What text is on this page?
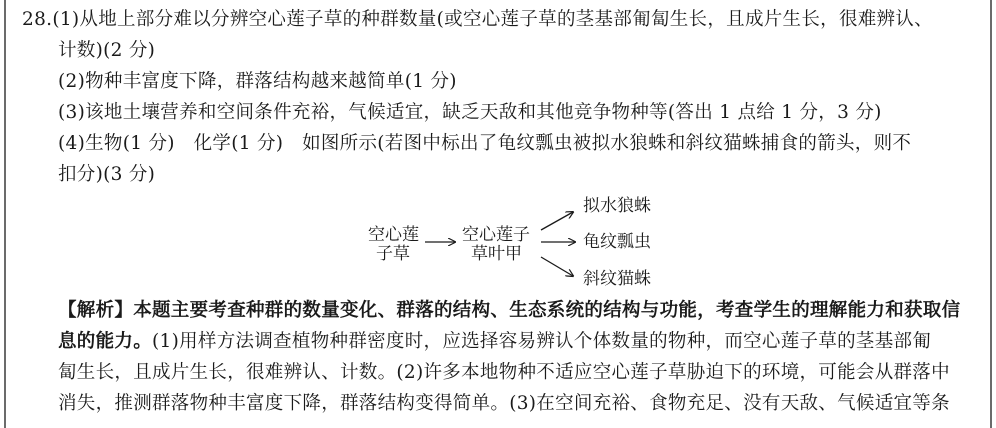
28.(1)从地上部分难以分辨空心莲子草的种群数量(或空心莲子草的茎基部匍匐生长，且成片生长，很难辨认、
计数)(2 分)
(2)物种丰富度下降，群落结构越来越简单(1 分)
(3)该地土壤营养和空间条件充裕，气候适宜，缺乏天敌和其他竞争物种等(答出 1 点给 1 分，3 分)
(4)生物(1 分)　化学(1 分)　如图所示(若图中标出了龟纹瓢虫被拟水狼蛛和斜纹猫蛛捕食的箭头，则不
扣分)(3 分)
空心莲
子草
空心莲子
草叶甲
拟水狼蛛
龟纹瓢虫
斜纹猫蛛
【解析】本题主要考查种群的数量变化、群落的结构、生态系统的结构与功能，考查学生的理解能力和获取信
息的能力。(1)用样方法调查植物种群密度时，应选择容易辨认个体数量的物种，而空心莲子草的茎基部匍
匐生长，且成片生长，很难辨认、计数。(2)许多本地物种不适应空心莲子草胁迫下的环境，可能会从群落中
消失，推测群落物种丰富度下降，群落结构变得简单。(3)在空间充裕、食物充足、没有天敌、气候适宜等条
